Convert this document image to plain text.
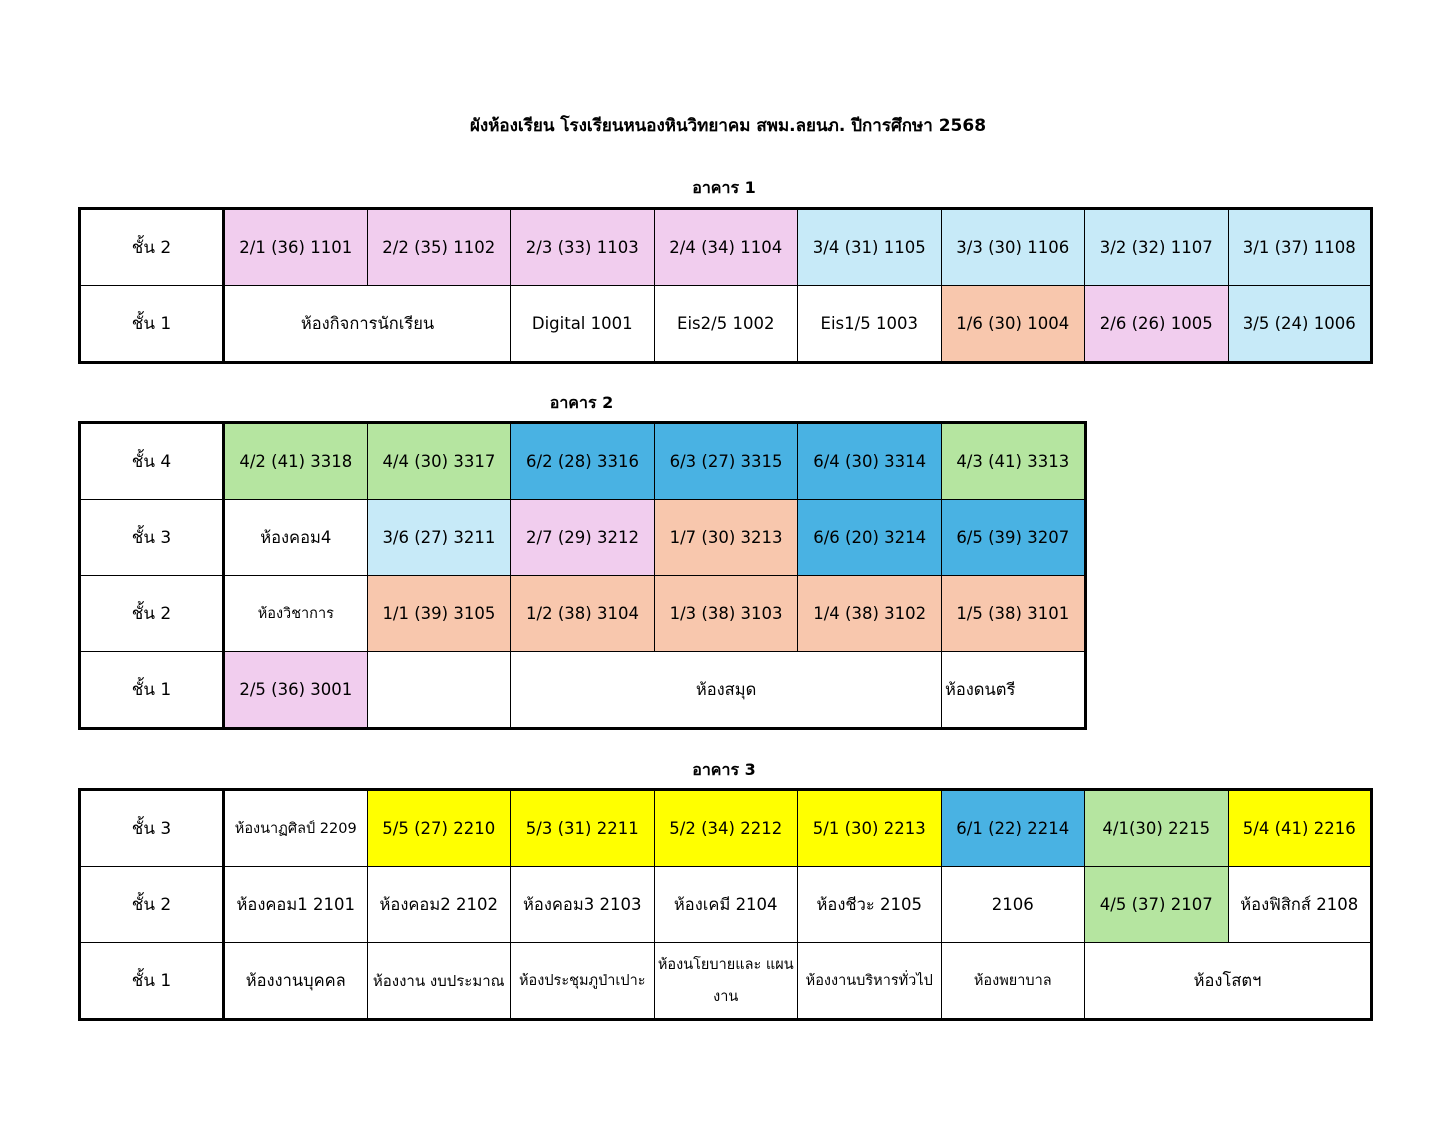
ผังห้องเรียน โรงเรียนหนองหินวิทยาคม สพม.ลยนภ. ปีการศึกษา 2568
อาคาร 1
ชั้น 2	2/1 (36) 1101	2/2 (35) 1102	2/3 (33) 1103	2/4 (34) 1104	3/4 (31) 1105	3/3 (30) 1106	3/2 (32) 1107	3/1 (37) 1108
ชั้น 1	ห้องกิจการนักเรียน		Digital 1001	Eis2/5 1002	Eis1/5 1003	1/6 (30) 1004	2/6 (26) 1005	3/5 (24) 1006
อาคาร 2
ชั้น 4	4/2 (41) 3318	4/4 (30) 3317	6/2 (28) 3316	6/3 (27) 3315	6/4 (30) 3314	4/3 (41) 3313
ชั้น 3	ห้องคอม4	3/6 (27) 3211	2/7 (29) 3212	1/7 (30) 3213	6/6 (20) 3214	6/5 (39) 3207
ชั้น 2	ห้องวิชาการ	1/1 (39) 3105	1/2 (38) 3104	1/3 (38) 3103	1/4 (38) 3102	1/5 (38) 3101
ชั้น 1	2/5 (36) 3001		ห้องสมุด			ห้องดนตรี
อาคาร 3
ชั้น 3	ห้องนาฏศิลป์ 2209	5/5 (27) 2210	5/3 (31) 2211	5/2 (34) 2212	5/1 (30) 2213	6/1 (22) 2214	4/1(30) 2215	5/4 (41) 2216
ชั้น 2	ห้องคอม1 2101	ห้องคอม2 2102	ห้องคอม3 2103	ห้องเคมี 2104	ห้องชีวะ 2105	2106	4/5 (37) 2107	ห้องฟิสิกส์ 2108
ชั้น 1	ห้องงานบุคคล	ห้องงาน งบประมาณ	ห้องประชุมภูป่าเปาะ	ห้องนโยบายและ แผนงาน	ห้องงานบริหารทั่วไป	ห้องพยาบาล	ห้องโสตฯ	
